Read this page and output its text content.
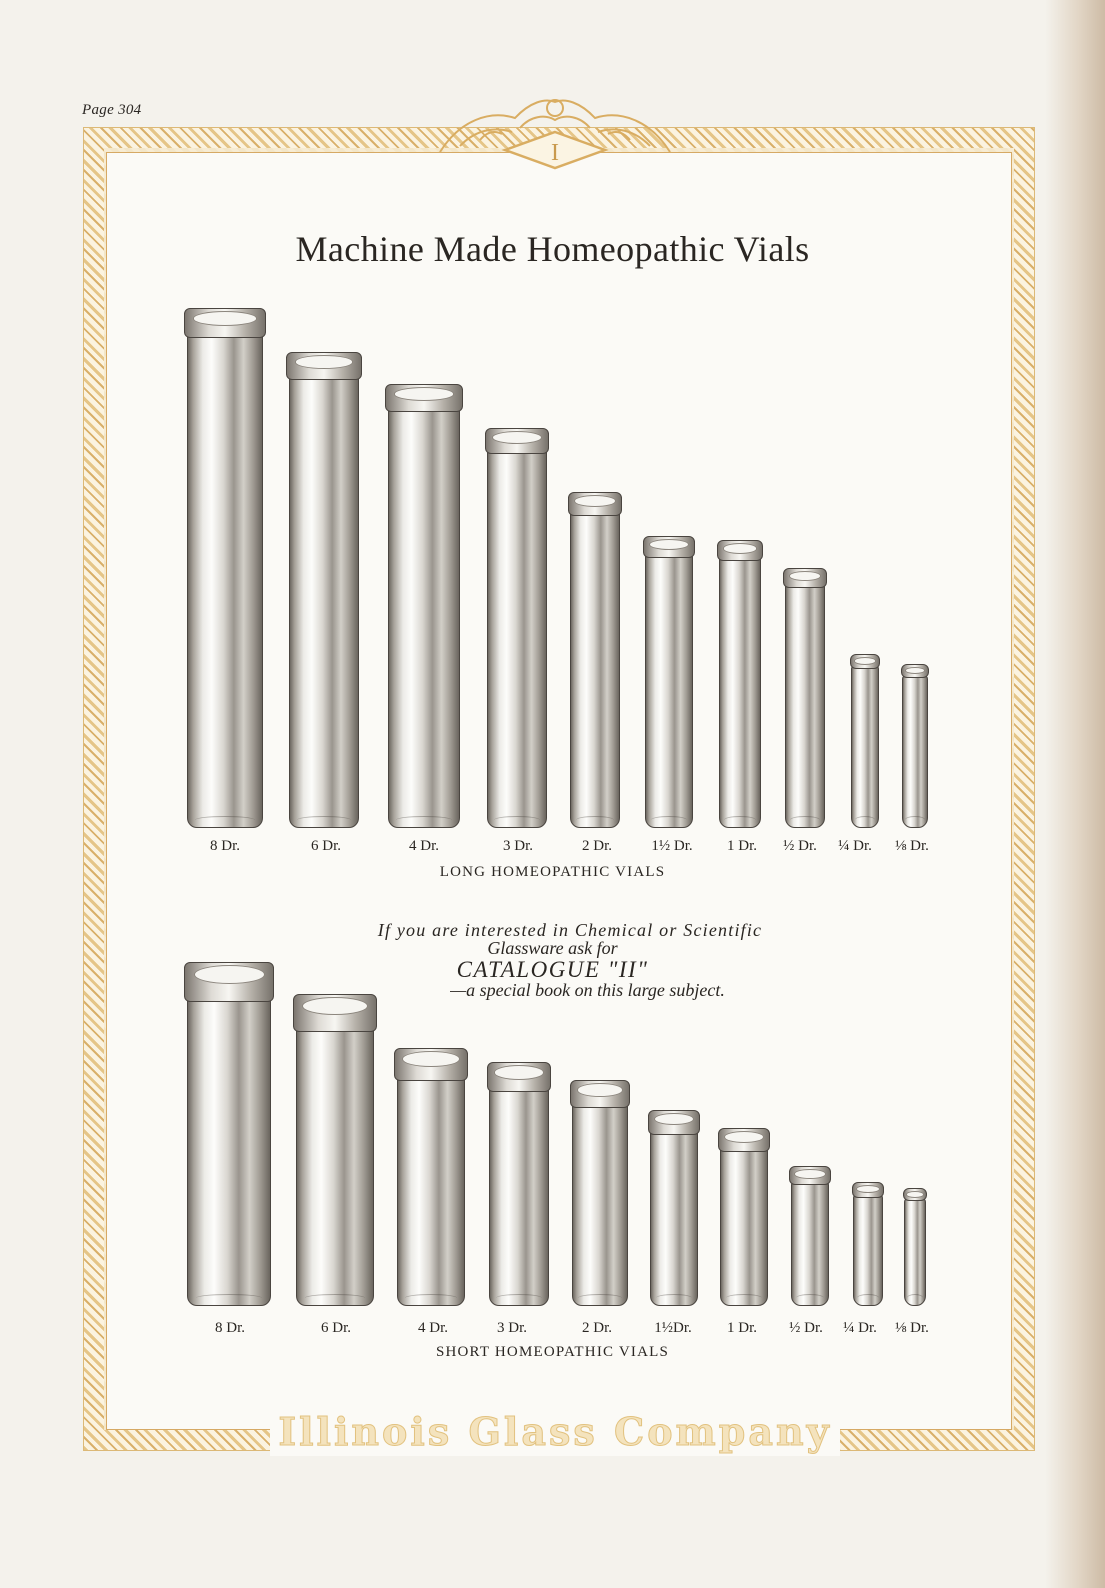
Page 304
I
Machine Made Homeopathic Vials
8 Dr.	6 Dr.	4 Dr.	3 Dr.	2 Dr.	1½ Dr. 1 Dr. ½ Dr. ¼ Dr. ⅛ Dr.
LONG HOMEOPATHIC VIALS
If you are interested in Chemical or Scientific
Glassware ask for
CATALOGUE "II"
—a special book on this large subject.
8 Dr.	6 Dr.	4 Dr.	3 Dr.	2 Dr.	1½Dr. 1 Dr. ½ Dr. ¼ Dr. ⅛ Dr.
SHORT HOMEOPATHIC VIALS
Illinois Glass Company
